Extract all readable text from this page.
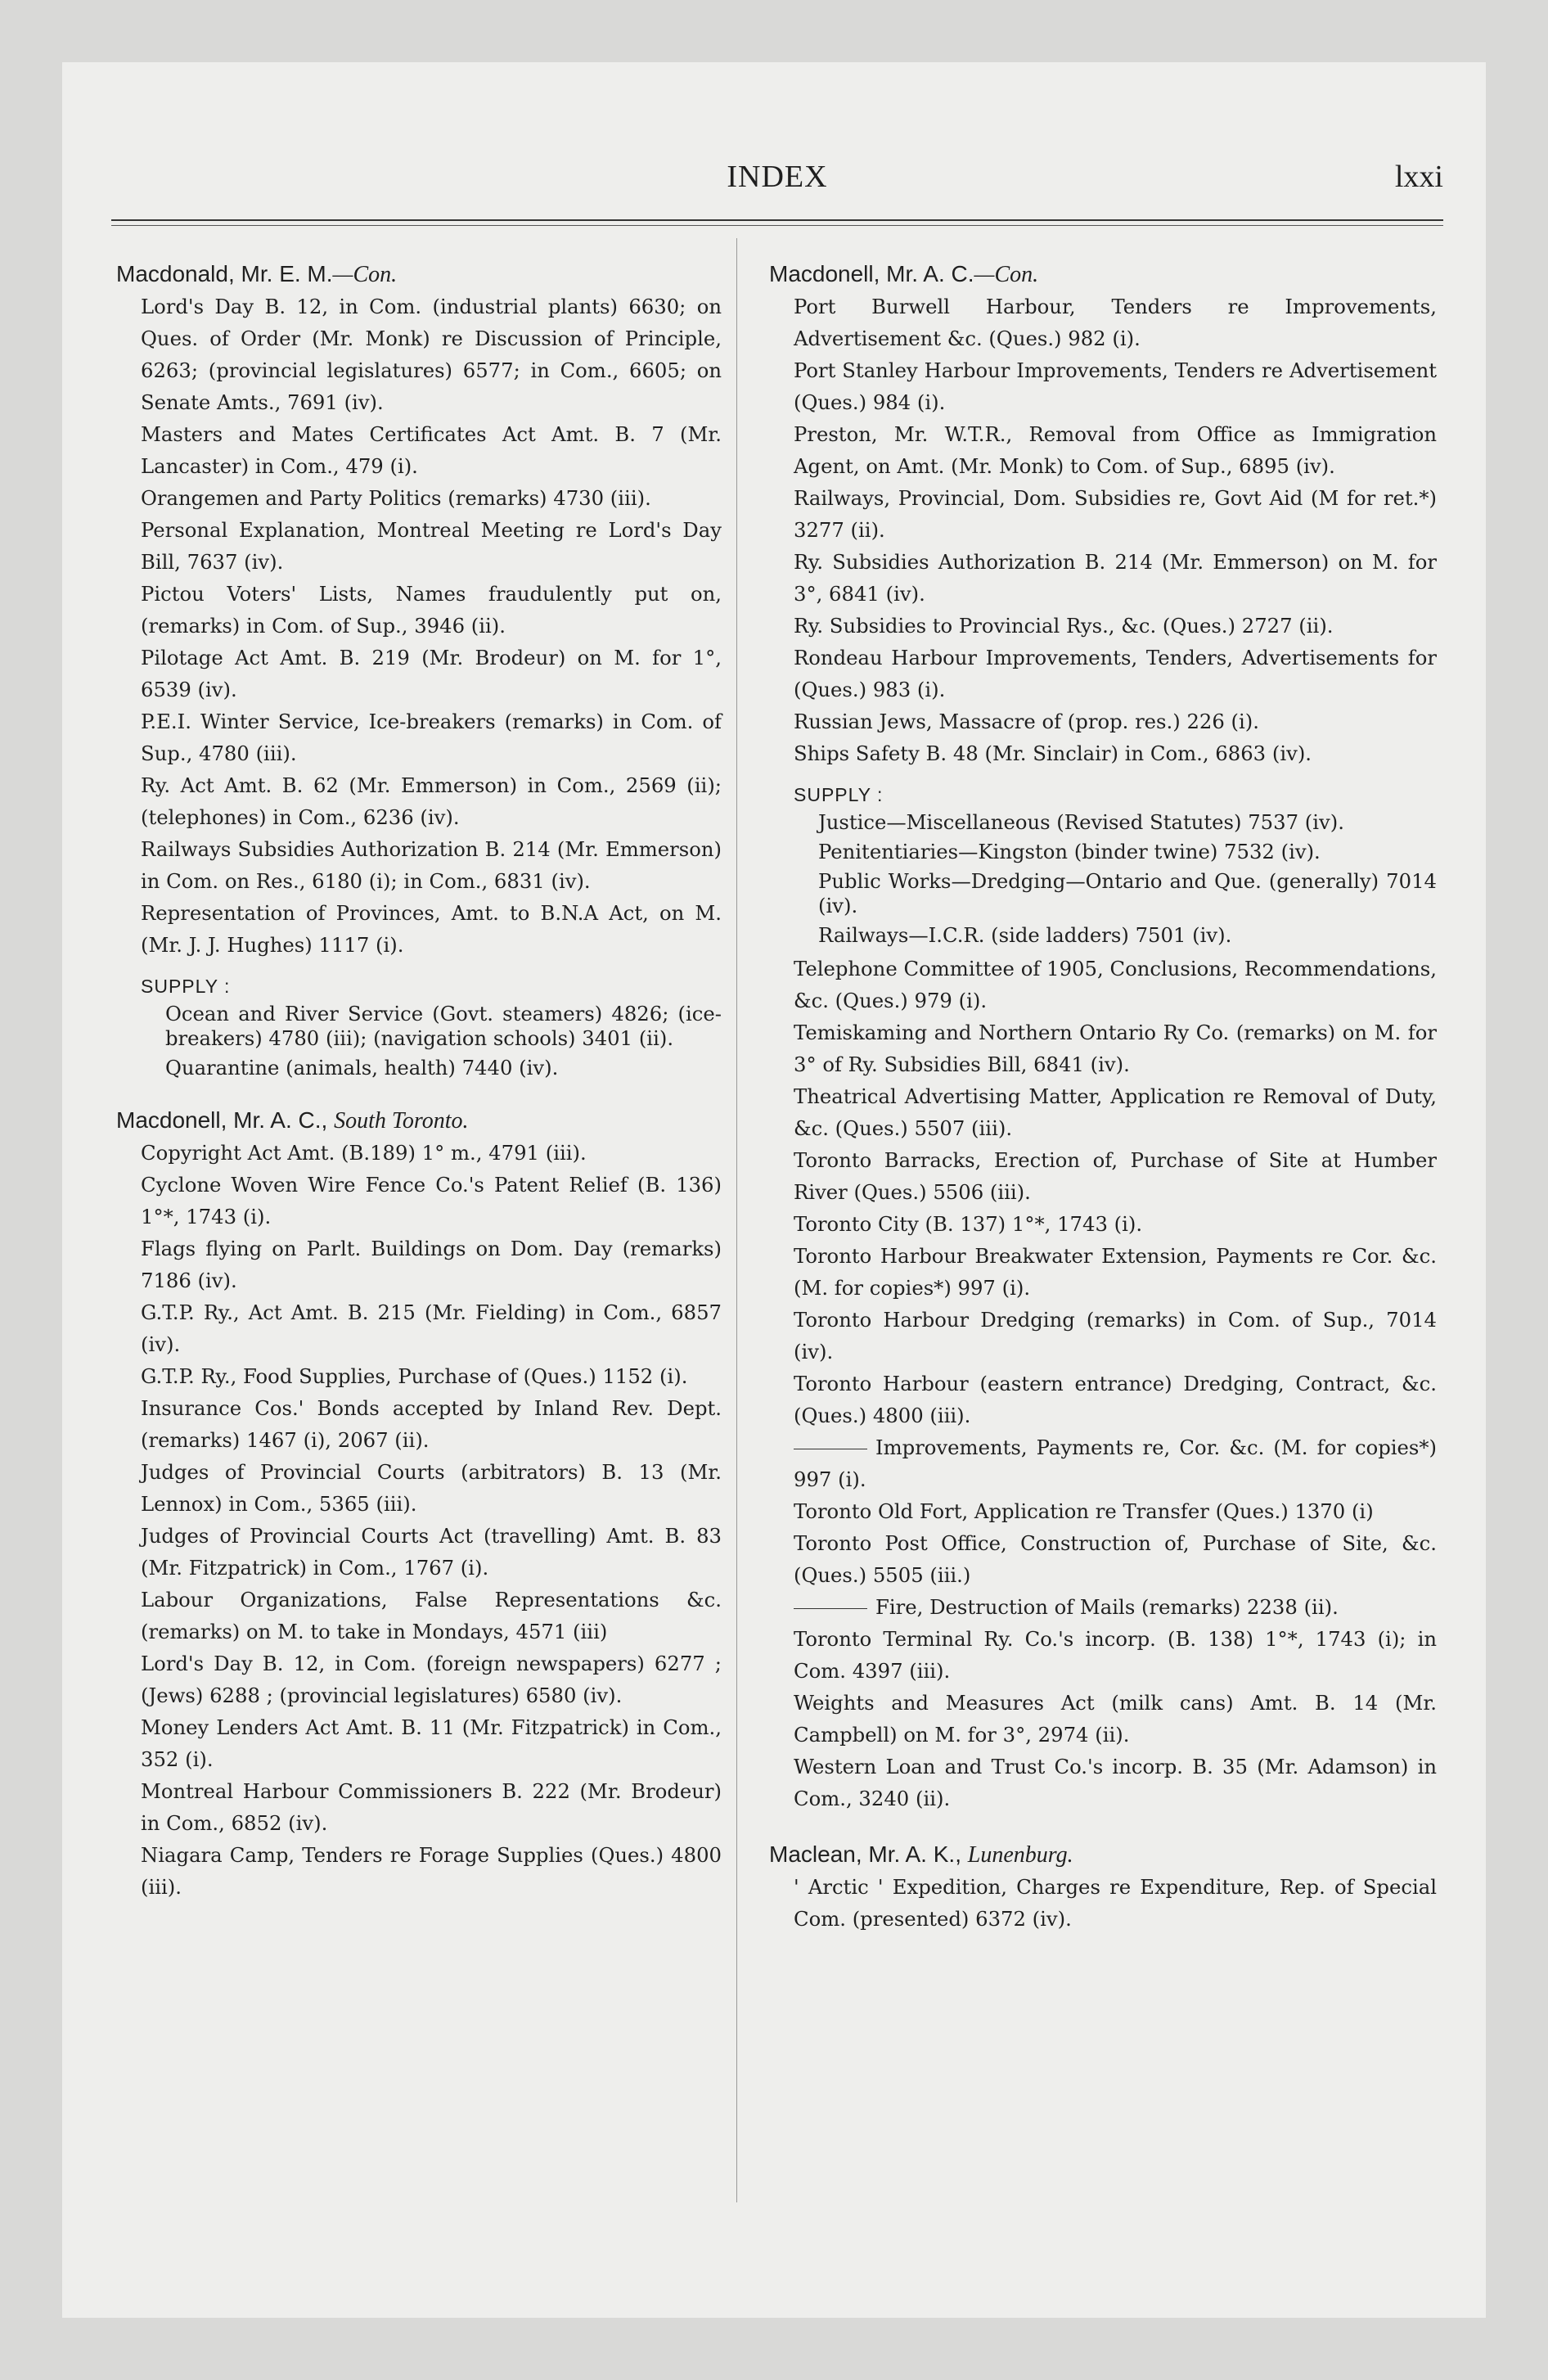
INDEX	lxxi

Macdonald, Mr. E. M.—Con.

Lord's Day B. 12, in Com. (industrial plants) 6630; on Ques. of Order (Mr. Monk) re Discussion of Principle, 6263; (provincial legislatures) 6577; in Com., 6605; on Senate Amts., 7691 (iv).

Masters and Mates Certificates Act Amt. B. 7 (Mr. Lancaster) in Com., 479 (i).

Orangemen and Party Politics (remarks) 4730 (iii).

Personal Explanation, Montreal Meeting re Lord's Day Bill, 7637 (iv).

Pictou Voters' Lists, Names fraudulently put on, (remarks) in Com. of Sup., 3946 (ii).

Pilotage Act Amt. B. 219 (Mr. Brodeur) on M. for 1°, 6539 (iv).

P.E.I. Winter Service, Ice-breakers (remarks) in Com. of Sup., 4780 (iii).

Ry. Act Amt. B. 62 (Mr. Emmerson) in Com., 2569 (ii); (telephones) in Com., 6236 (iv).

Railways Subsidies Authorization B. 214 (Mr. Emmerson) in Com. on Res., 6180 (i); in Com., 6831 (iv).

Representation of Provinces, Amt. to B.N.A Act, on M. (Mr. J. J. Hughes) 1117 (i).

SUPPLY :

Ocean and River Service (Govt. steamers) 4826; (ice-breakers) 4780 (iii); (navigation schools) 3401 (ii).

Quarantine (animals, health) 7440 (iv).

Macdonell, Mr. A. C., South Toronto.

Copyright Act Amt. (B.189) 1° m., 4791 (iii).

Cyclone Woven Wire Fence Co.'s Patent Relief (B. 136) 1°*, 1743 (i).

Flags flying on Parlt. Buildings on Dom. Day (remarks) 7186 (iv).

G.T.P. Ry., Act Amt. B. 215 (Mr. Fielding) in Com., 6857 (iv).

G.T.P. Ry., Food Supplies, Purchase of (Ques.) 1152 (i).

Insurance Cos.' Bonds accepted by Inland Rev. Dept. (remarks) 1467 (i), 2067 (ii).

Judges of Provincial Courts (arbitrators) B. 13 (Mr. Lennox) in Com., 5365 (iii).

Judges of Provincial Courts Act (travelling) Amt. B. 83 (Mr. Fitzpatrick) in Com., 1767 (i).

Labour Organizations, False Representations &c. (remarks) on M. to take in Mondays, 4571 (iii)

Lord's Day B. 12, in Com. (foreign newspapers) 6277 ; (Jews) 6288 ; (provincial legislatures) 6580 (iv).

Money Lenders Act Amt. B. 11 (Mr. Fitzpatrick) in Com., 352 (i).

Montreal Harbour Commissioners B. 222 (Mr. Brodeur) in Com., 6852 (iv).

Niagara Camp, Tenders re Forage Supplies (Ques.) 4800 (iii).

Macdonell, Mr. A. C.—Con.

Port Burwell Harbour, Tenders re Improvements, Advertisement &c. (Ques.) 982 (i).

Port Stanley Harbour Improvements, Tenders re Advertisement (Ques.) 984 (i).

Preston, Mr. W.T.R., Removal from Office as Immigration Agent, on Amt. (Mr. Monk) to Com. of Sup., 6895 (iv).

Railways, Provincial, Dom. Subsidies re, Govt Aid (M for ret.*) 3277 (ii).

Ry. Subsidies Authorization B. 214 (Mr. Emmerson) on M. for 3°, 6841 (iv).

Ry. Subsidies to Provincial Rys., &c. (Ques.) 2727 (ii).

Rondeau Harbour Improvements, Tenders, Advertisements for (Ques.) 983 (i).

Russian Jews, Massacre of (prop. res.) 226 (i).

Ships Safety B. 48 (Mr. Sinclair) in Com., 6863 (iv).

SUPPLY :

Justice—Miscellaneous (Revised Statutes) 7537 (iv).

Penitentiaries—Kingston (binder twine) 7532 (iv).

Public Works—Dredging—Ontario and Que. (generally) 7014 (iv).

Railways—I.C.R. (side ladders) 7501 (iv).

Telephone Committee of 1905, Conclusions, Recommendations, &c. (Ques.) 979 (i).

Temiskaming and Northern Ontario Ry Co. (remarks) on M. for 3° of Ry. Subsidies Bill, 6841 (iv).

Theatrical Advertising Matter, Application re Removal of Duty, &c. (Ques.) 5507 (iii).

Toronto Barracks, Erection of, Purchase of Site at Humber River (Ques.) 5506 (iii).

Toronto City (B. 137) 1°*, 1743 (i).

Toronto Harbour Breakwater Extension, Payments re Cor. &c. (M. for copies*) 997 (i).

Toronto Harbour Dredging (remarks) in Com. of Sup., 7014 (iv).

Toronto Harbour (eastern entrance) Dredging, Contract, &c. (Ques.) 4800 (iii).

Improvements, Payments re, Cor. &c. (M. for copies*) 997 (i).

Toronto Old Fort, Application re Transfer (Ques.) 1370 (i)

Toronto Post Office, Construction of, Purchase of Site, &c. (Ques.) 5505 (iii.)

Fire, Destruction of Mails (remarks) 2238 (ii).

Toronto Terminal Ry. Co.'s incorp. (B. 138) 1°*, 1743 (i); in Com. 4397 (iii).

Weights and Measures Act (milk cans) Amt. B. 14 (Mr. Campbell) on M. for 3°, 2974 (ii).

Western Loan and Trust Co.'s incorp. B. 35 (Mr. Adamson) in Com., 3240 (ii).

Maclean, Mr. A. K., Lunenburg.

' Arctic ' Expedition, Charges re Expenditure, Rep. of Special Com. (presented) 6372 (iv).
